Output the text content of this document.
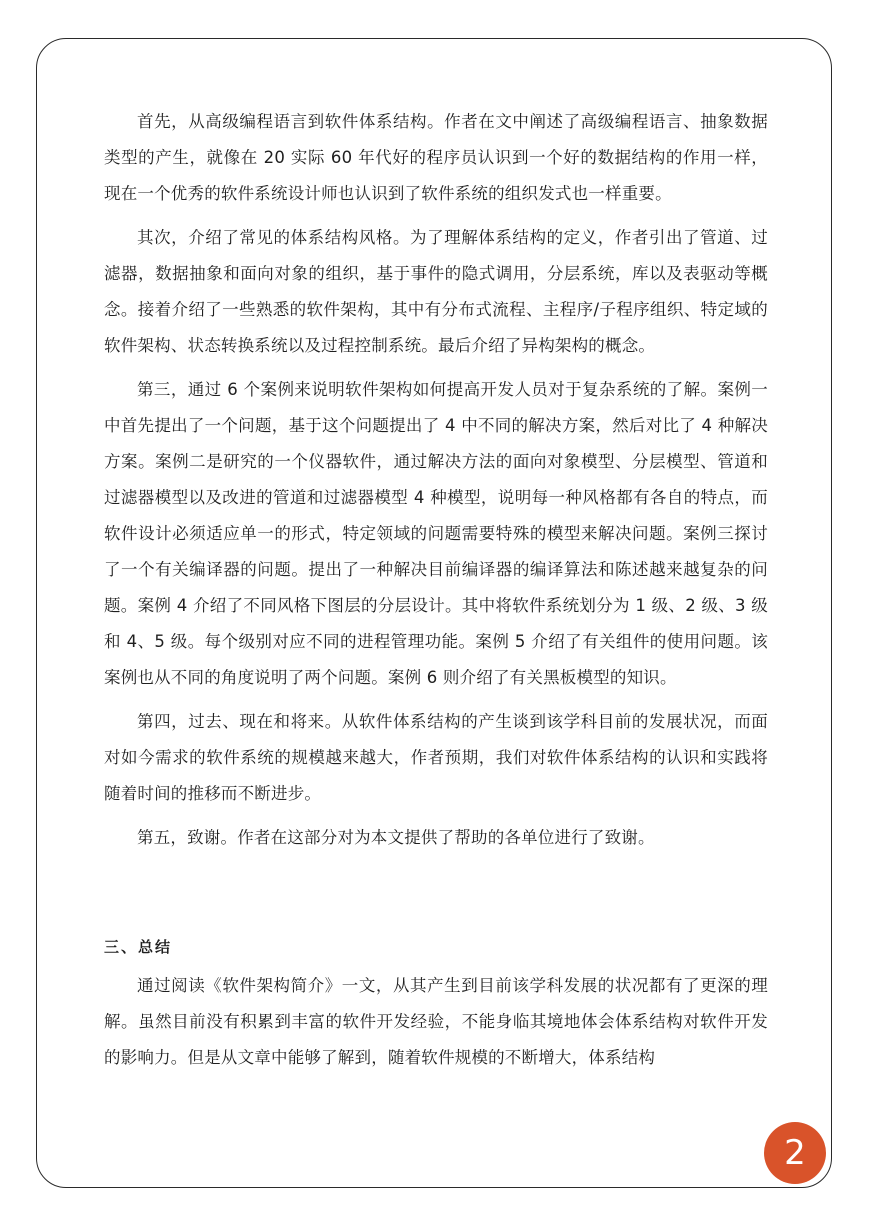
首先，从高级编程语言到软件体系结构。作者在文中阐述了高级编程语言、抽象数据类型的产生，就像在 20 实际 60 年代好的程序员认识到一个好的数据结构的作用一样，现在一个优秀的软件系统设计师也认识到了软件系统的组织发式也一样重要。

其次，介绍了常见的体系结构风格。为了理解体系结构的定义，作者引出了管道、过滤器，数据抽象和面向对象的组织，基于事件的隐式调用，分层系统，库以及表驱动等概念。接着介绍了一些熟悉的软件架构，其中有分布式流程、主程序/子程序组织、特定域的软件架构、状态转换系统以及过程控制系统。最后介绍了异构架构的概念。

第三，通过 6 个案例来说明软件架构如何提高开发人员对于复杂系统的了解。案例一中首先提出了一个问题，基于这个问题提出了 4 中不同的解决方案，然后对比了 4 种解决方案。案例二是研究的一个仪器软件，通过解决方法的面向对象模型、分层模型、管道和过滤器模型以及改进的管道和过滤器模型 4 种模型，说明每一种风格都有各自的特点，而软件设计必须适应单一的形式，特定领域的问题需要特殊的模型来解决问题。案例三探讨了一个有关编译器的问题。提出了一种解决目前编译器的编译算法和陈述越来越复杂的问题。案例 4 介绍了不同风格下图层的分层设计。其中将软件系统划分为 1 级、2 级、3 级和 4、5 级。每个级别对应不同的进程管理功能。案例 5 介绍了有关组件的使用问题。该案例也从不同的角度说明了两个问题。案例 6 则介绍了有关黑板模型的知识。

第四，过去、现在和将来。从软件体系结构的产生谈到该学科目前的发展状况，而面对如今需求的软件系统的规模越来越大，作者预期，我们对软件体系结构的认识和实践将随着时间的推移而不断进步。

第五，致谢。作者在这部分对为本文提供了帮助的各单位进行了致谢。

三、总结

通过阅读《软件架构简介》一文，从其产生到目前该学科发展的状况都有了更深的理解。虽然目前没有积累到丰富的软件开发经验，不能身临其境地体会体系结构对软件开发的影响力。但是从文章中能够了解到，随着软件规模的不断增大，体系结构

2
